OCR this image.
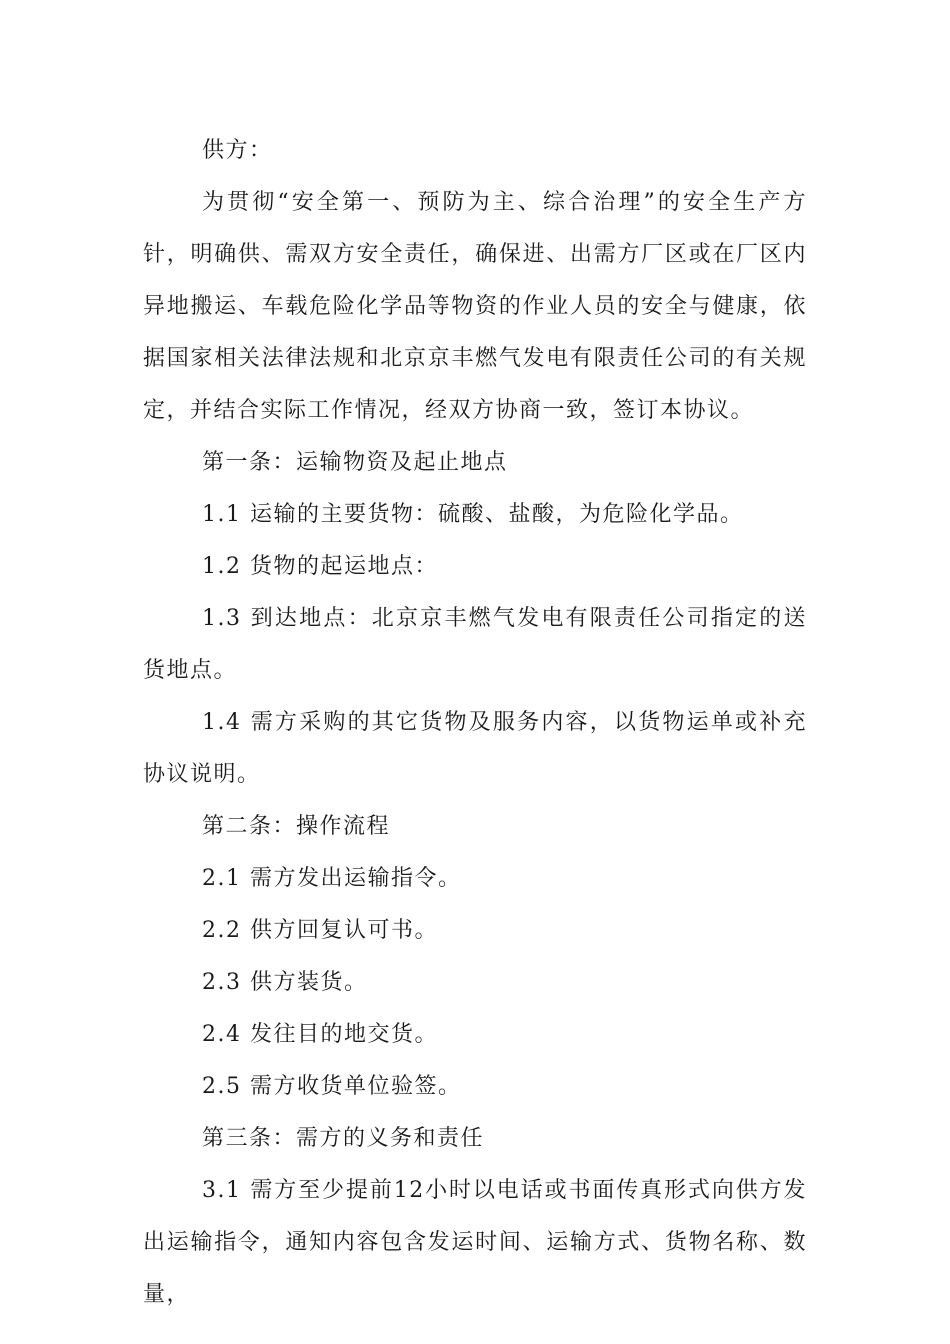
供方：

为贯彻“安全第一、预防为主、综合治理”的安全生产方针，明确供、需双方安全责任，确保进、出需方厂区或在厂区内异地搬运、车载危险化学品等物资的作业人员的安全与健康，依据国家相关法律法规和北京京丰燃气发电有限责任公司的有关规定，并结合实际工作情况，经双方协商一致，签订本协议。

第一条：运输物资及起止地点

1.1 运输的主要货物：硫酸、盐酸，为危险化学品。

1.2 货物的起运地点：

1.3 到达地点：北京京丰燃气发电有限责任公司指定的送货地点。

1.4 需方采购的其它货物及服务内容，以货物运单或补充协议说明。

第二条：操作流程

2.1 需方发出运输指令。

2.2 供方回复认可书。

2.3 供方装货。

2.4 发往目的地交货。

2.5 需方收货单位验签。

第三条：需方的义务和责任

3.1 需方至少提前12小时以电话或书面传真形式向供方发出运输指令，通知内容包含发运时间、运输方式、货物名称、数量，
